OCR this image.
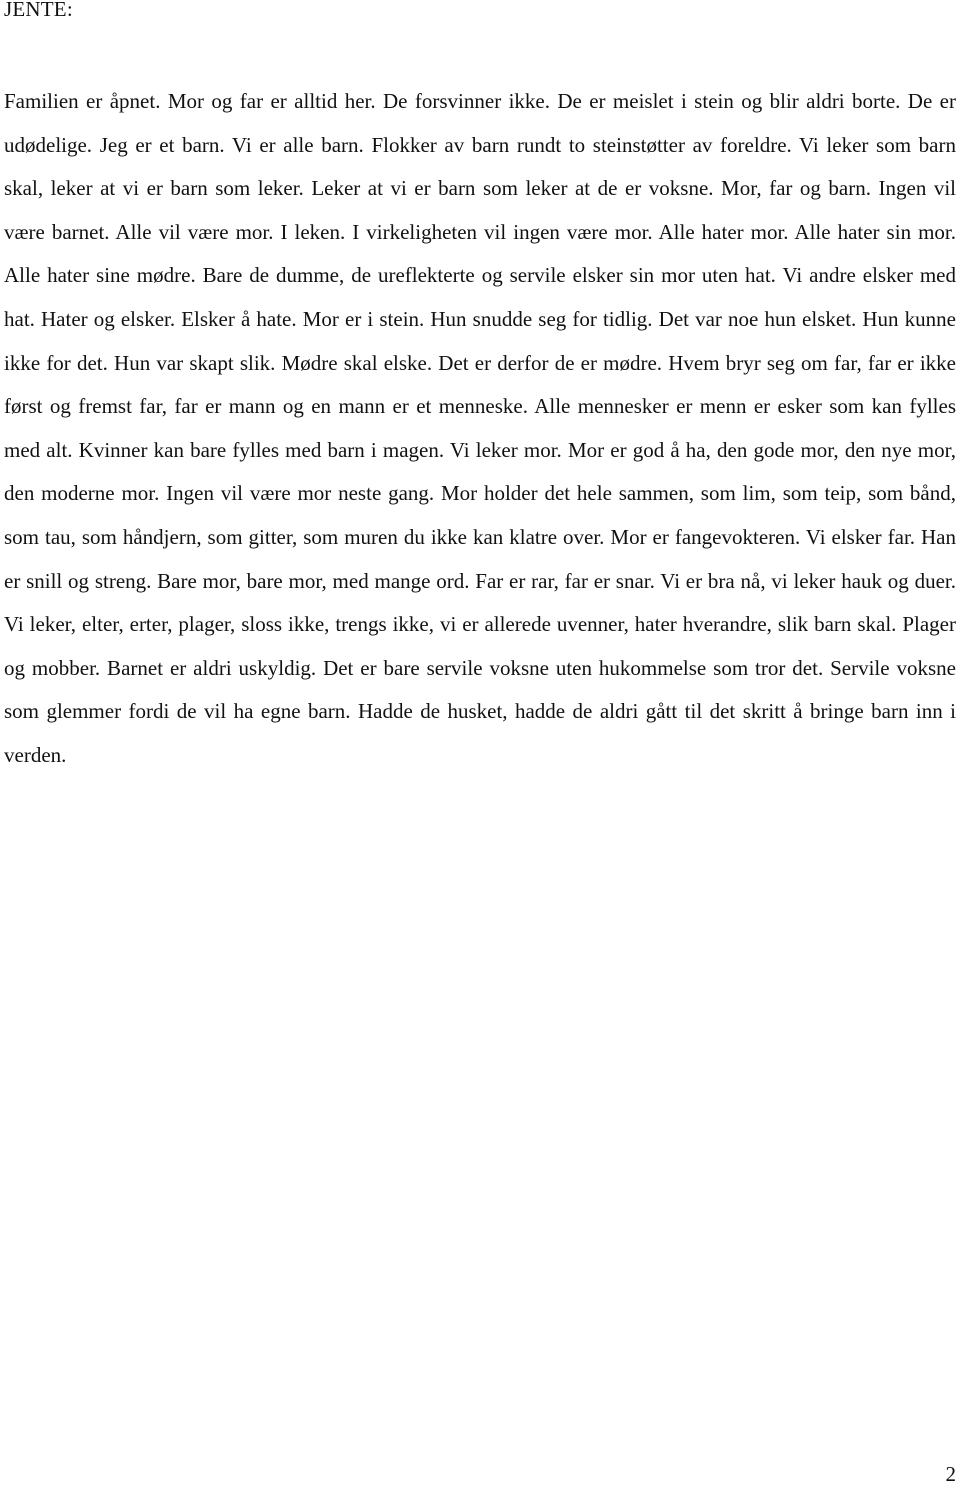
JENTE:

Familien er åpnet. Mor og far er alltid her. De forsvinner ikke. De er meislet i stein og blir aldri borte. De er udødelige. Jeg er et barn. Vi er alle barn. Flokker av barn rundt to steinstøtter av foreldre. Vi leker som barn skal, leker at vi er barn som leker. Leker at vi er barn som leker at de er voksne. Mor, far og barn. Ingen vil være barnet. Alle vil være mor. I leken. I virkeligheten vil ingen være mor. Alle hater mor. Alle hater sin mor. Alle hater sine mødre. Bare de dumme, de ureflekterte og servile elsker sin mor uten hat. Vi andre elsker med hat. Hater og elsker. Elsker å hate. Mor er i stein. Hun snudde seg for tidlig. Det var noe hun elsket. Hun kunne ikke for det. Hun var skapt slik. Mødre skal elske. Det er derfor de er mødre. Hvem bryr seg om far, far er ikke først og fremst far, far er mann og en mann er et menneske. Alle mennesker er menn er esker som kan fylles med alt. Kvinner kan bare fylles med barn i magen. Vi leker mor. Mor er god å ha, den gode mor, den nye mor, den moderne mor. Ingen vil være mor neste gang. Mor holder det hele sammen, som lim, som teip, som bånd, som tau, som håndjern, som gitter, som muren du ikke kan klatre over. Mor er fangevokteren. Vi elsker far. Han er snill og streng. Bare mor, bare mor, med mange ord. Far er rar, far er snar. Vi er bra nå, vi leker hauk og duer. Vi leker, elter, erter, plager, sloss ikke, trengs ikke, vi er allerede uvenner, hater hverandre, slik barn skal. Plager og mobber. Barnet er aldri uskyldig. Det er bare servile voksne uten hukommelse som tror det. Servile voksne som glemmer fordi de vil ha egne barn. Hadde de husket, hadde de aldri gått til det skritt å bringe barn inn i verden.

2
